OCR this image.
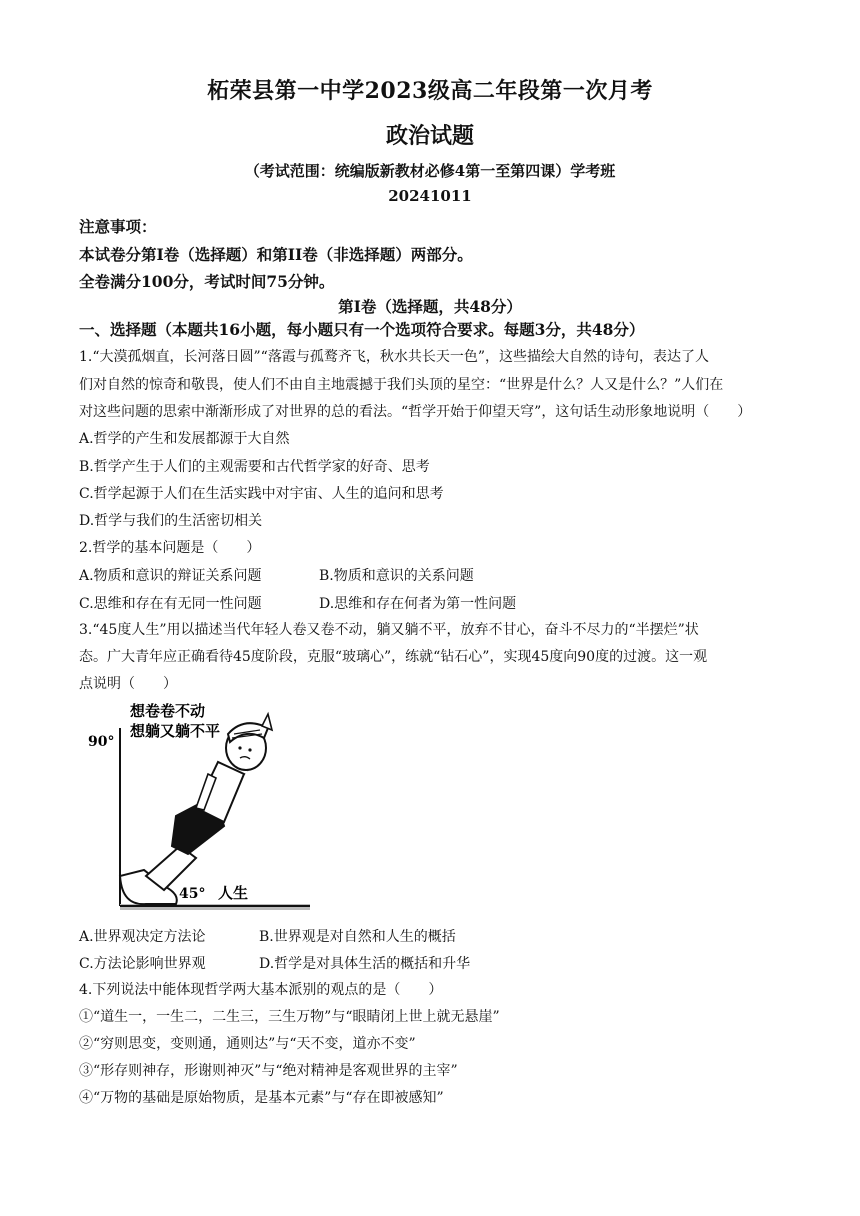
柘荣县第一中学2023级高二年段第一次月考
政治试题
（考试范围：统编版新教材必修4第一至第四课）学考班
20241011
注意事项：
本试卷分第Ⅰ卷（选择题）和第II卷（非选择题）两部分。
全卷满分100分，考试时间75分钟。
第Ⅰ卷（选择题，共48分）
一、选择题（本题共16小题，每小题只有一个选项符合要求。每题3分，共48分）
1.“大漠孤烟直，长河落日圆”“落霞与孤鹜齐飞，秋水共长天一色”，这些描绘大自然的诗句，表达了人
们对自然的惊奇和敬畏，使人们不由自主地震撼于我们头顶的星空：“世界是什么？人又是什么？”人们在
对这些问题的思索中渐渐形成了对世界的总的看法。“哲学开始于仰望天穹”，这句话生动形象地说明（　　）
A.哲学的产生和发展都源于大自然
B.哲学产生于人们的主观需要和古代哲学家的好奇、思考
C.哲学起源于人们在生活实践中对宇宙、人生的追问和思考
D.哲学与我们的生活密切相关
2.哲学的基本问题是（　　）
A.物质和意识的辩证关系问题	B.物质和意识的关系问题
C.思维和存在有无同一性问题	D.思维和存在何者为第一性问题
3.“45度人生”用以描述当代年轻人卷又卷不动，躺又躺不平，放弃不甘心，奋斗不尽力的“半摆烂”状
态。广大青年应正确看待45度阶段，克服“玻璃心”，练就“钻石心”，实现45度向90度的过渡。这一观
点说明（　　）
90°
45° 人生
想卷卷不动
想躺又躺不平
A.世界观决定方法论	B.世界观是对自然和人生的概括
C.方法论影响世界观	D.哲学是对具体生活的概括和升华
4.下列说法中能体现哲学两大基本派别的观点的是（　　）
①“道生一，一生二，二生三，三生万物”与“眼睛闭上世上就无悬崖”
②“穷则思变，变则通，通则达”与“天不变，道亦不变”
③“形存则神存，形谢则神灭”与“绝对精神是客观世界的主宰”
④“万物的基础是原始物质，是基本元素”与“存在即被感知”
